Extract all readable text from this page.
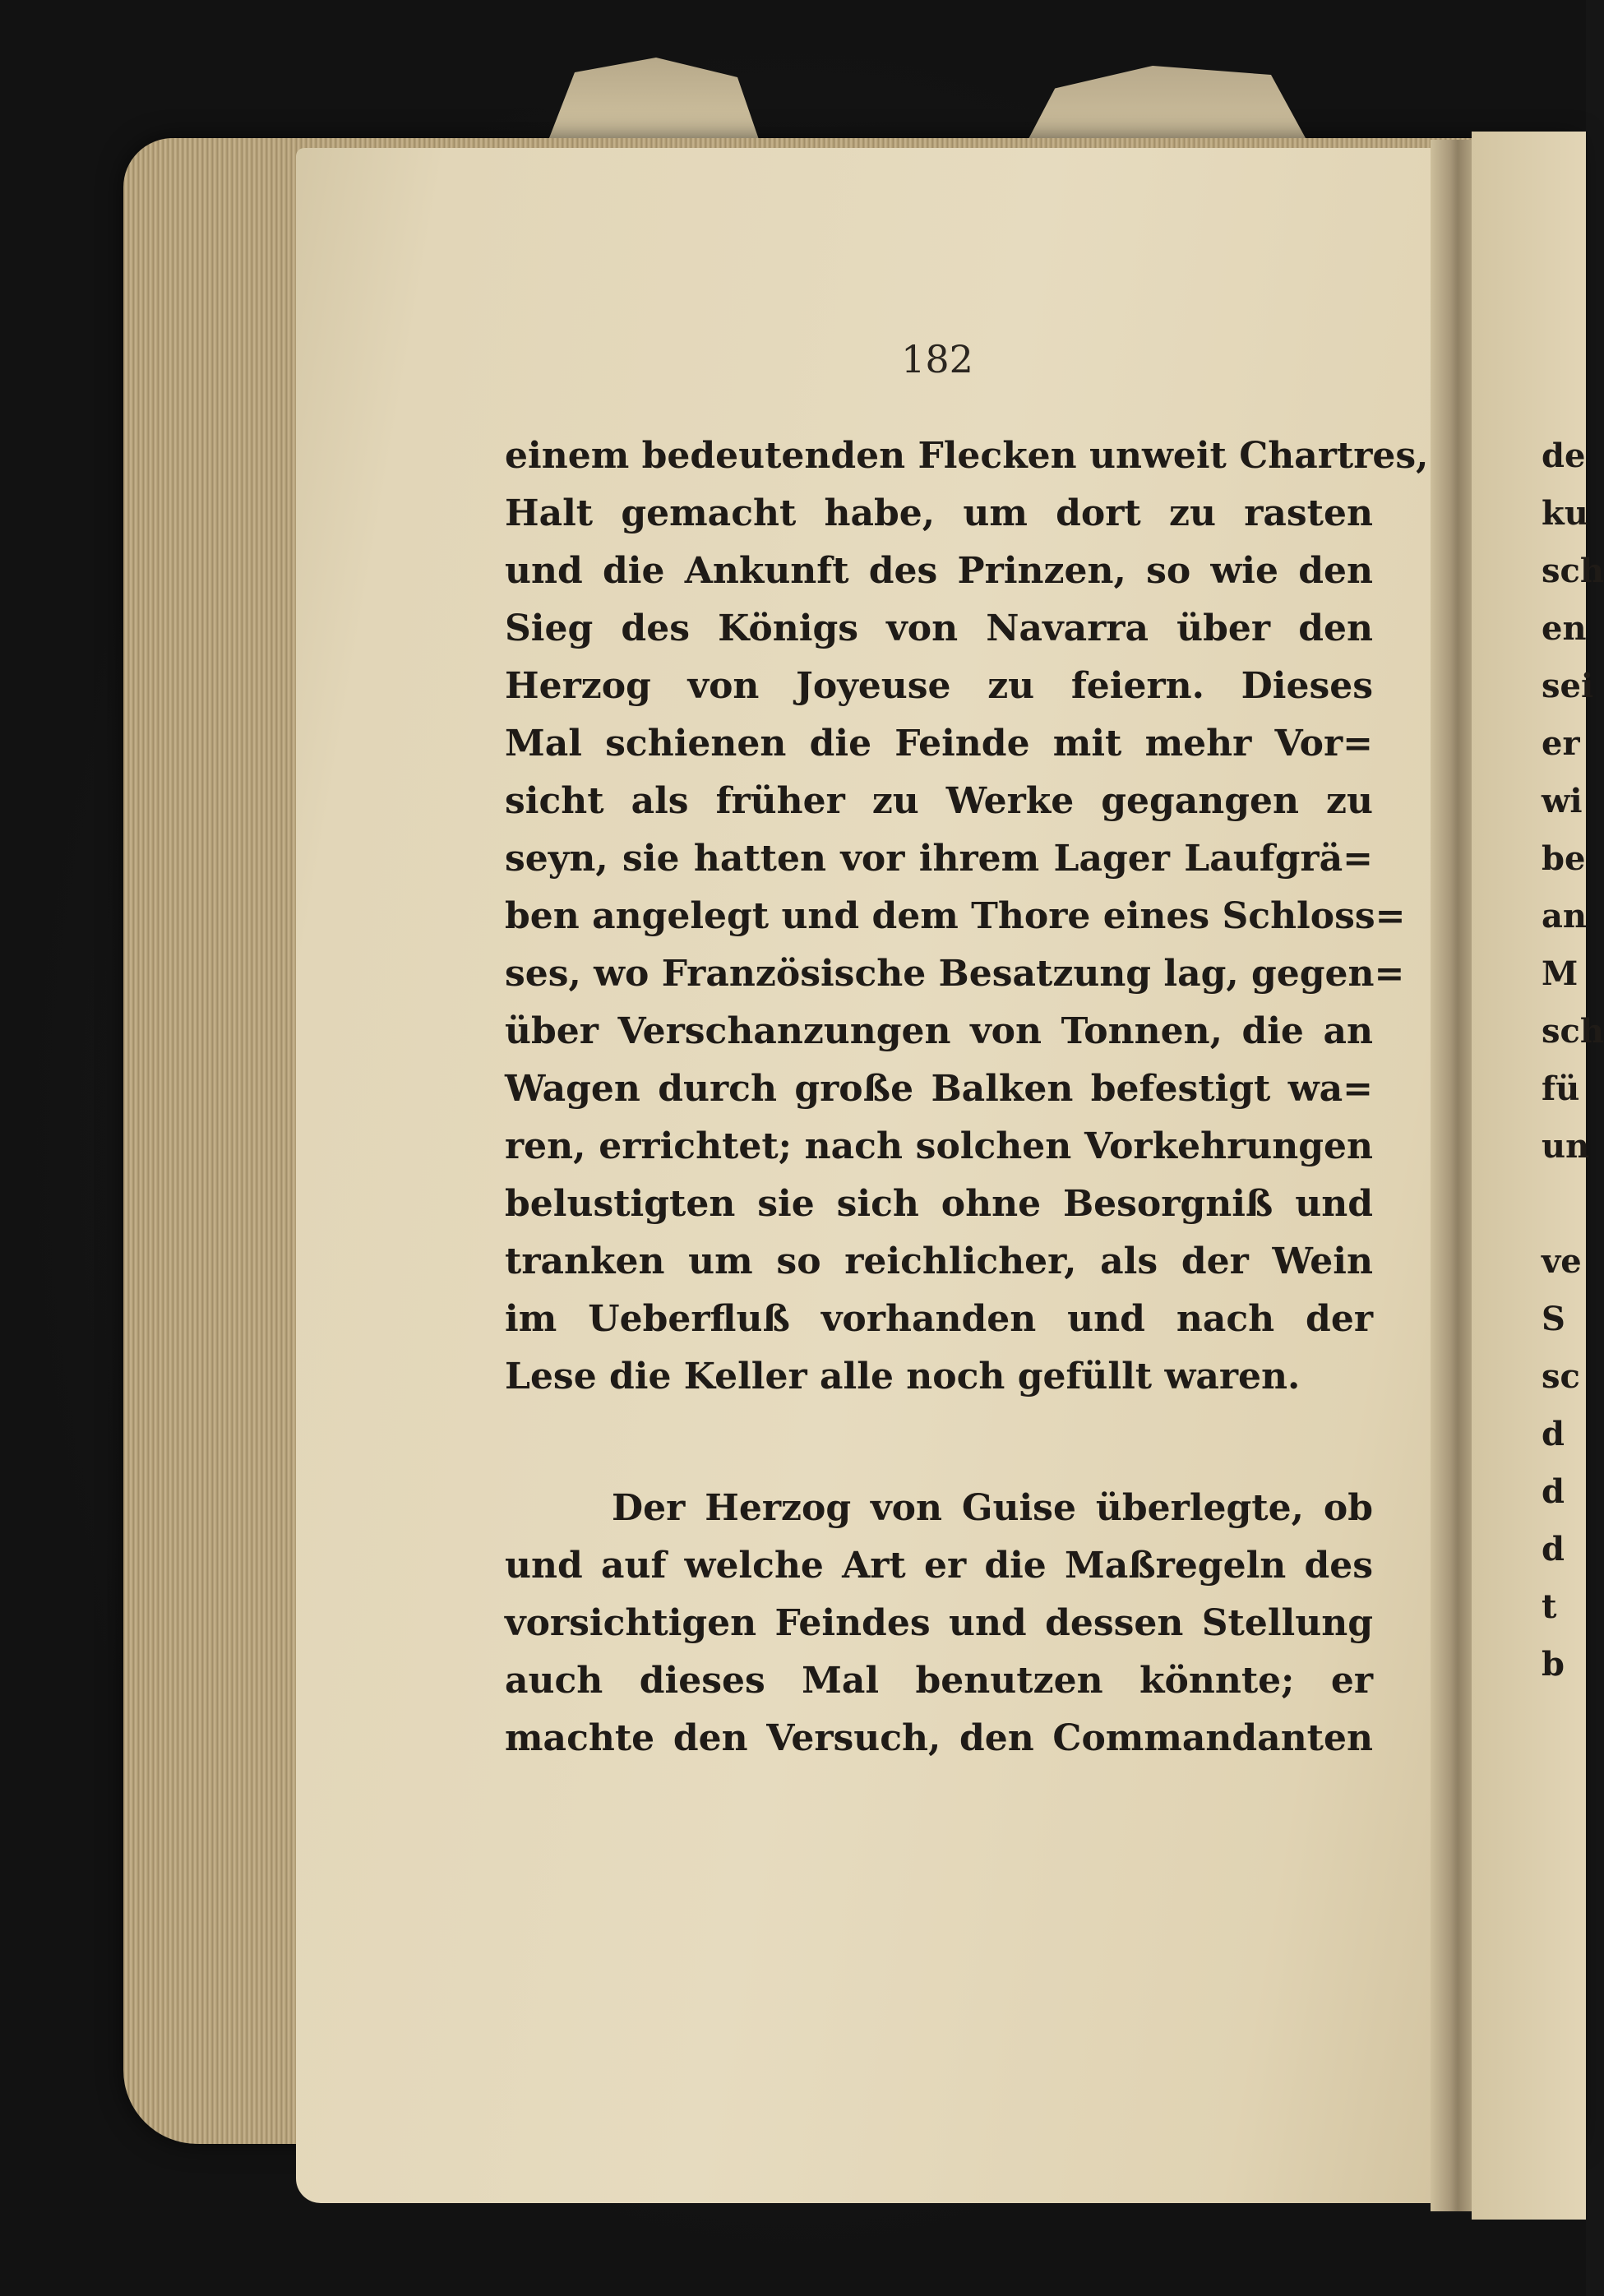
182
einem bedeutenden Flecken unweit Chartres,
Halt gemacht habe, um dort zu rasten
und die Ankunft des Prinzen, so wie den
Sieg des Königs von Navarra über den
Herzog von Joyeuse zu feiern. Dieses
Mal schienen die Feinde mit mehr Vor=
sicht als früher zu Werke gegangen zu
seyn, sie hatten vor ihrem Lager Laufgrä=
ben angelegt und dem Thore eines Schloss=
ses, wo Französische Besatzung lag, gegen=
über Verschanzungen von Tonnen, die an
Wagen durch große Balken befestigt wa=
ren, errichtet; nach solchen Vorkehrungen
belustigten sie sich ohne Besorgniß und
tranken um so reichlicher, als der Wein
im Ueberfluß vorhanden und nach der
Lese die Keller alle noch gefüllt waren.
Der Herzog von Guise überlegte, ob
und auf welche Art er die Maßregeln des
vorsichtigen Feindes und dessen Stellung
auch dieses Mal benutzen könnte; er
machte den Versuch, den Commandanten
de
ku
sch
en
sei
er
wi
be
an
M
sch
fü
un
ve
S
sc
d
d
d
t
b
